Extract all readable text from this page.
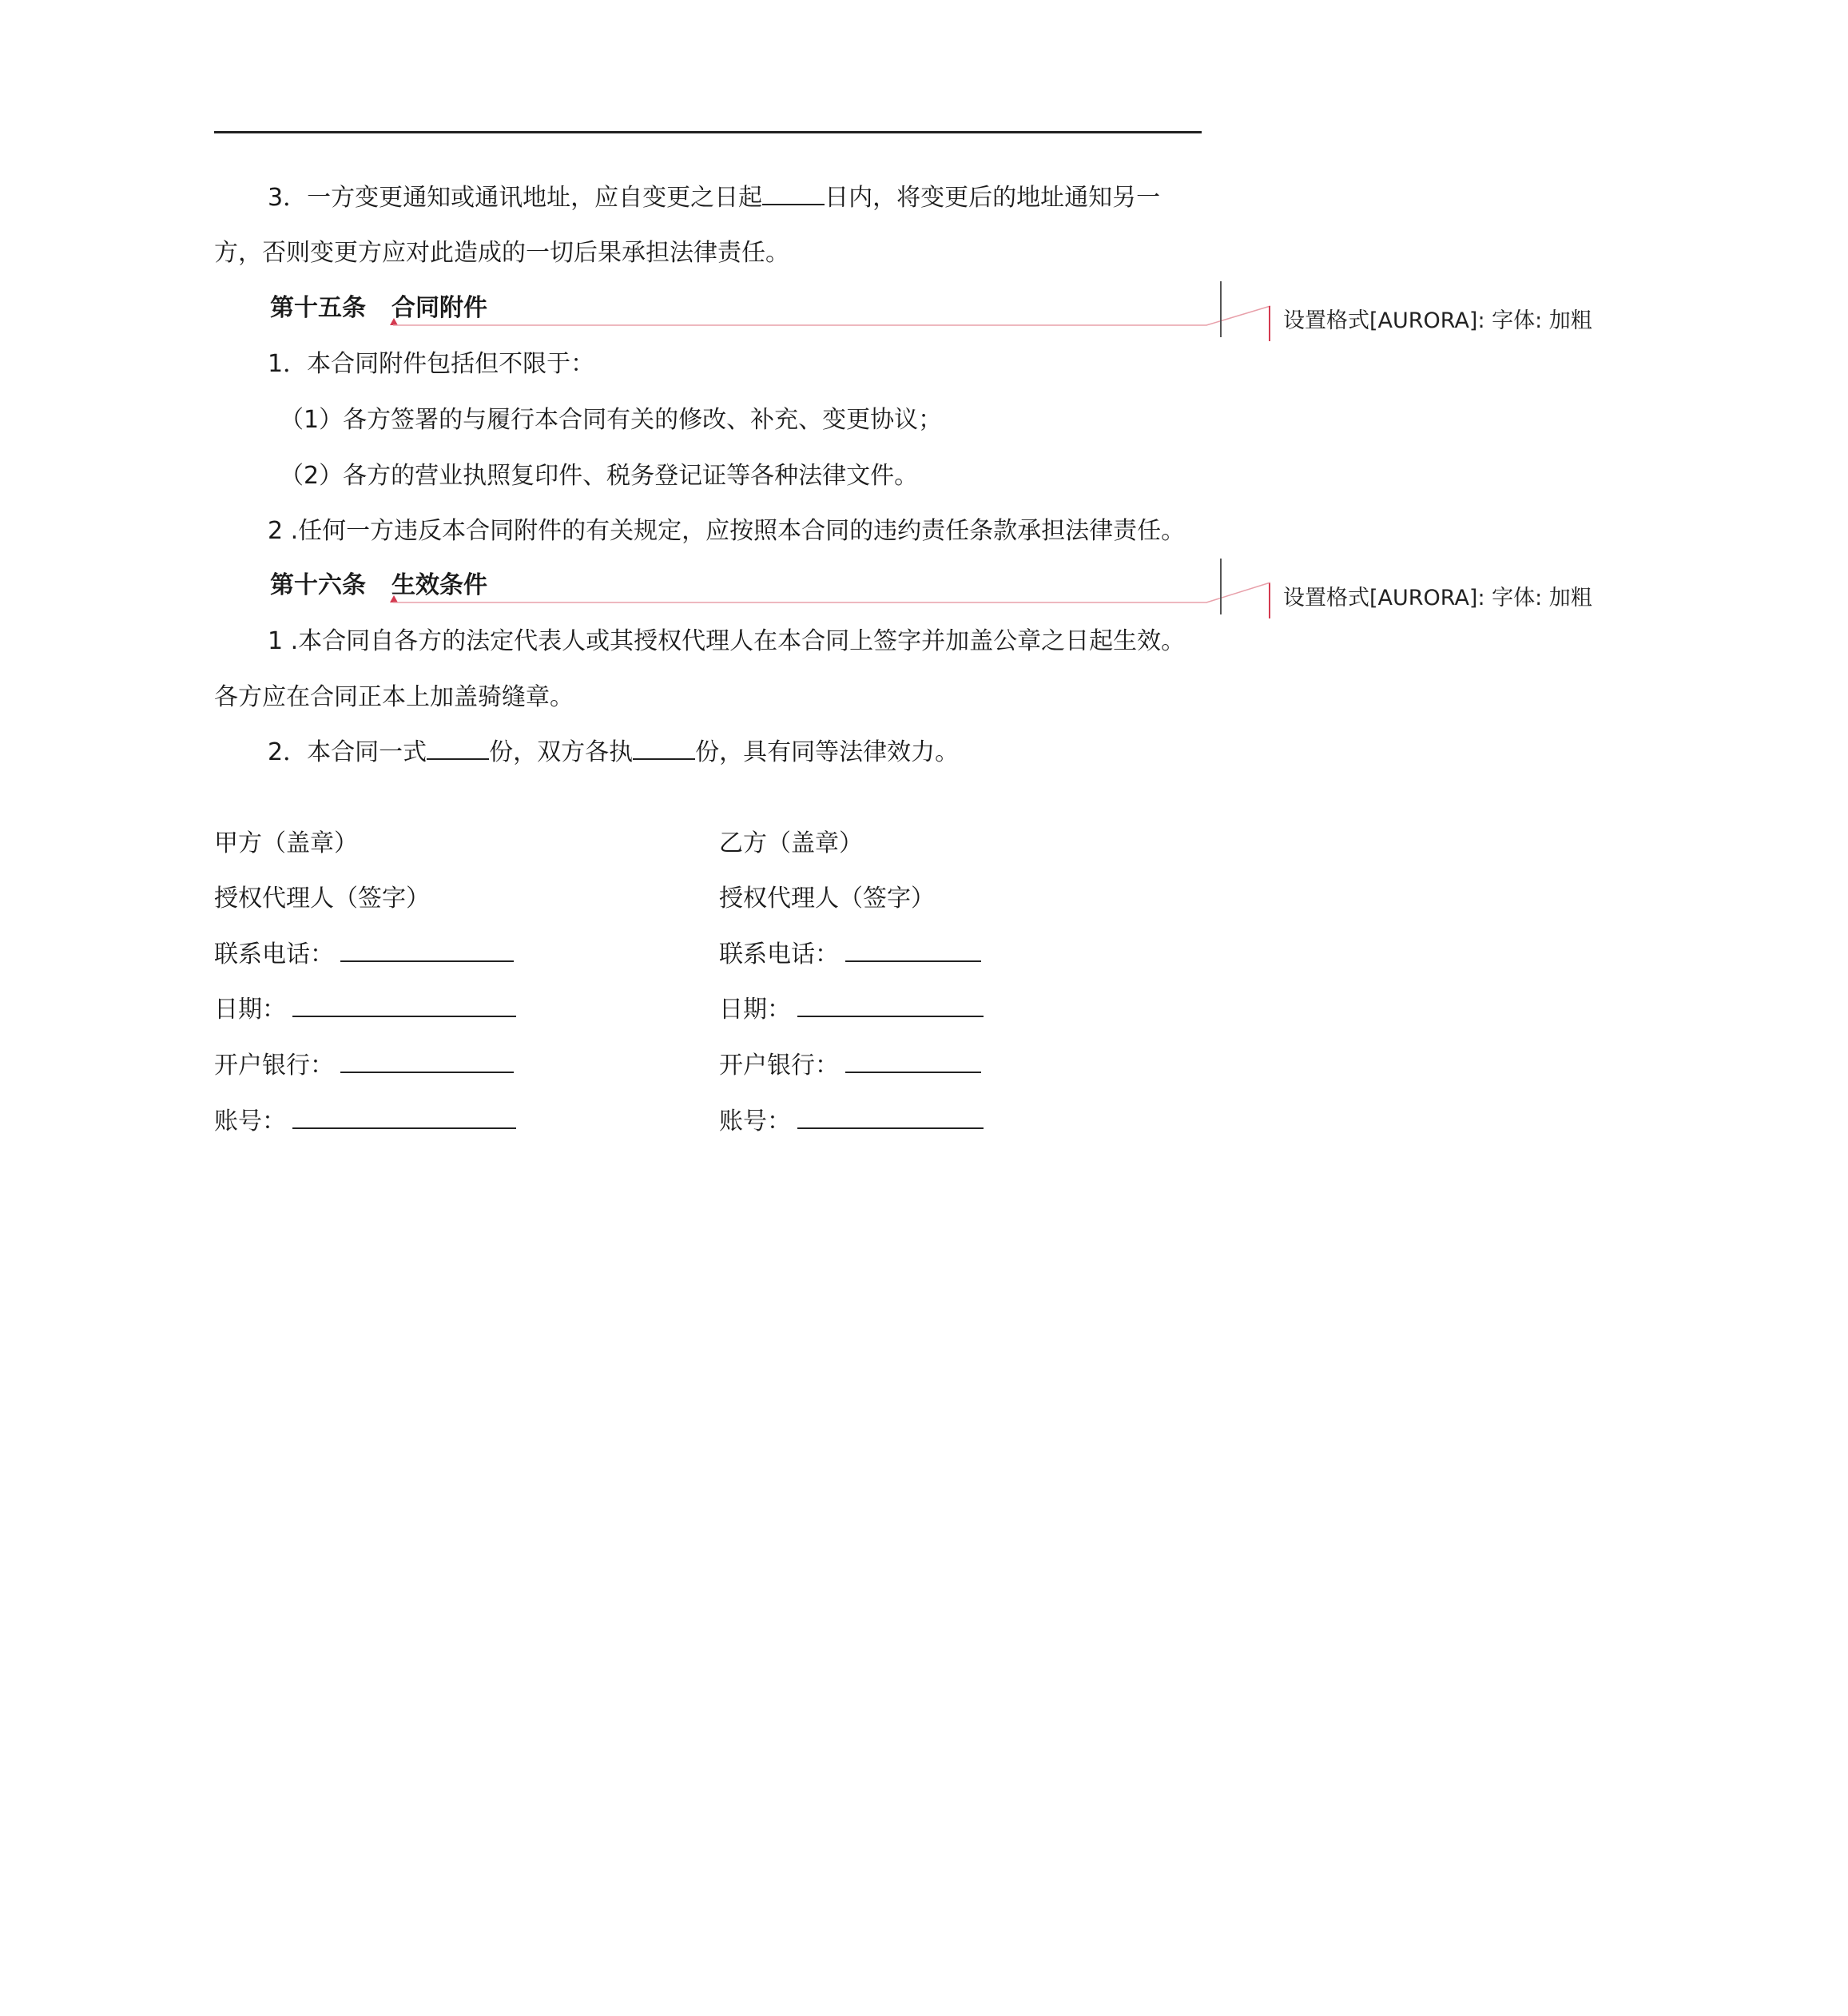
3．一方变更通知或通讯地址，应自变更之日起	日内，将变更后的地址通知另一
方，否则变更方应对此造成的一切后果承担法律责任。
第十五条 合同附件
1．本合同附件包括但不限于：
（1）各方签署的与履行本合同有关的修改、补充、变更协议；
（2）各方的营业执照复印件、税务登记证等各种法律文件。
2 .任何一方违反本合同附件的有关规定，应按照本合同的违约责任条款承担法律责任。
第十六条 生效条件
1 .本合同自各方的法定代表人或其授权代理人在本合同上签字并加盖公章之日起生效。
各方应在合同正本上加盖骑缝章。
2．本合同一式	份，双方各执	份，具有同等法律效力。
甲方（盖章）
授权代理人（签字）
联系电话：
日期：
开户银行：
账号：
乙方（盖章）
授权代理人（签字）
联系电话：
日期：
开户银行：
账号：
设置格式[AURORA]: 字体: 加粗
设置格式[AURORA]: 字体: 加粗
